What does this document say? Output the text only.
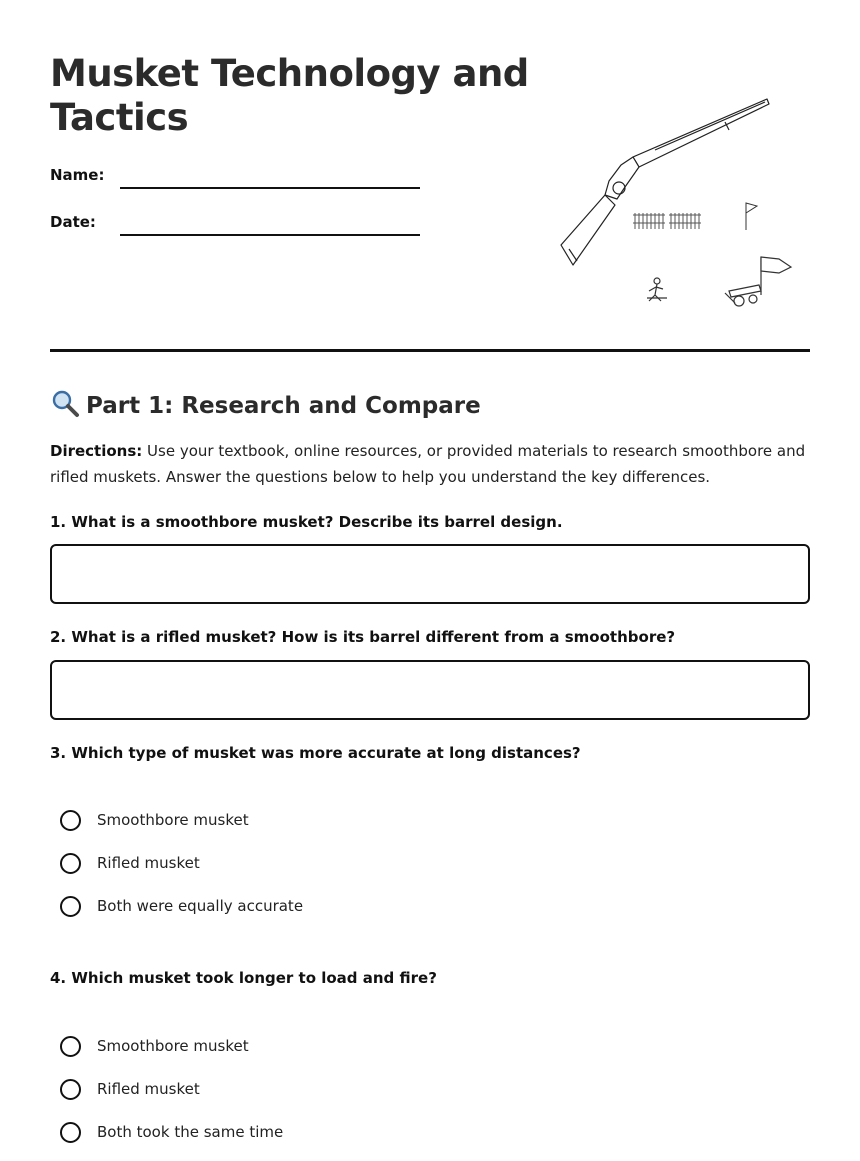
Musket Technology and Tactics
Name:
Date:
Part 1: Research and Compare

Directions: Use your textbook, online resources, or provided materials to research smoothbore and rifled muskets. Answer the questions below to help you understand the key differences.

1. What is a smoothbore musket? Describe its barrel design.

2. What is a rifled musket? How is its barrel different from a smoothbore?

3. Which type of musket was more accurate at long distances?

Smoothbore musket
Rifled musket
Both were equally accurate

4. Which musket took longer to load and fire?

Smoothbore musket
Rifled musket
Both took the same time
